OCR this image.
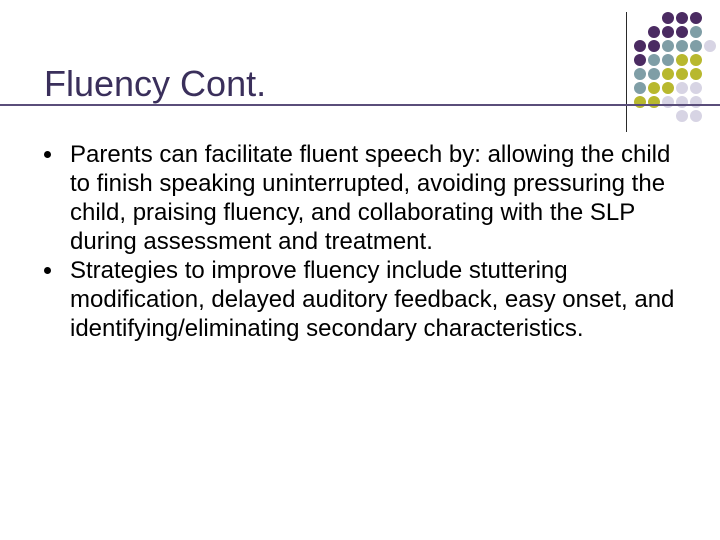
Fluency Cont.
Parents can facilitate fluent speech by: allowing the child to finish speaking uninterrupted, avoiding pressuring the child, praising fluency, and collaborating with the SLP during assessment and treatment.
Strategies to improve fluency include stuttering modification, delayed auditory feedback, easy onset, and identifying/eliminating secondary characteristics.
